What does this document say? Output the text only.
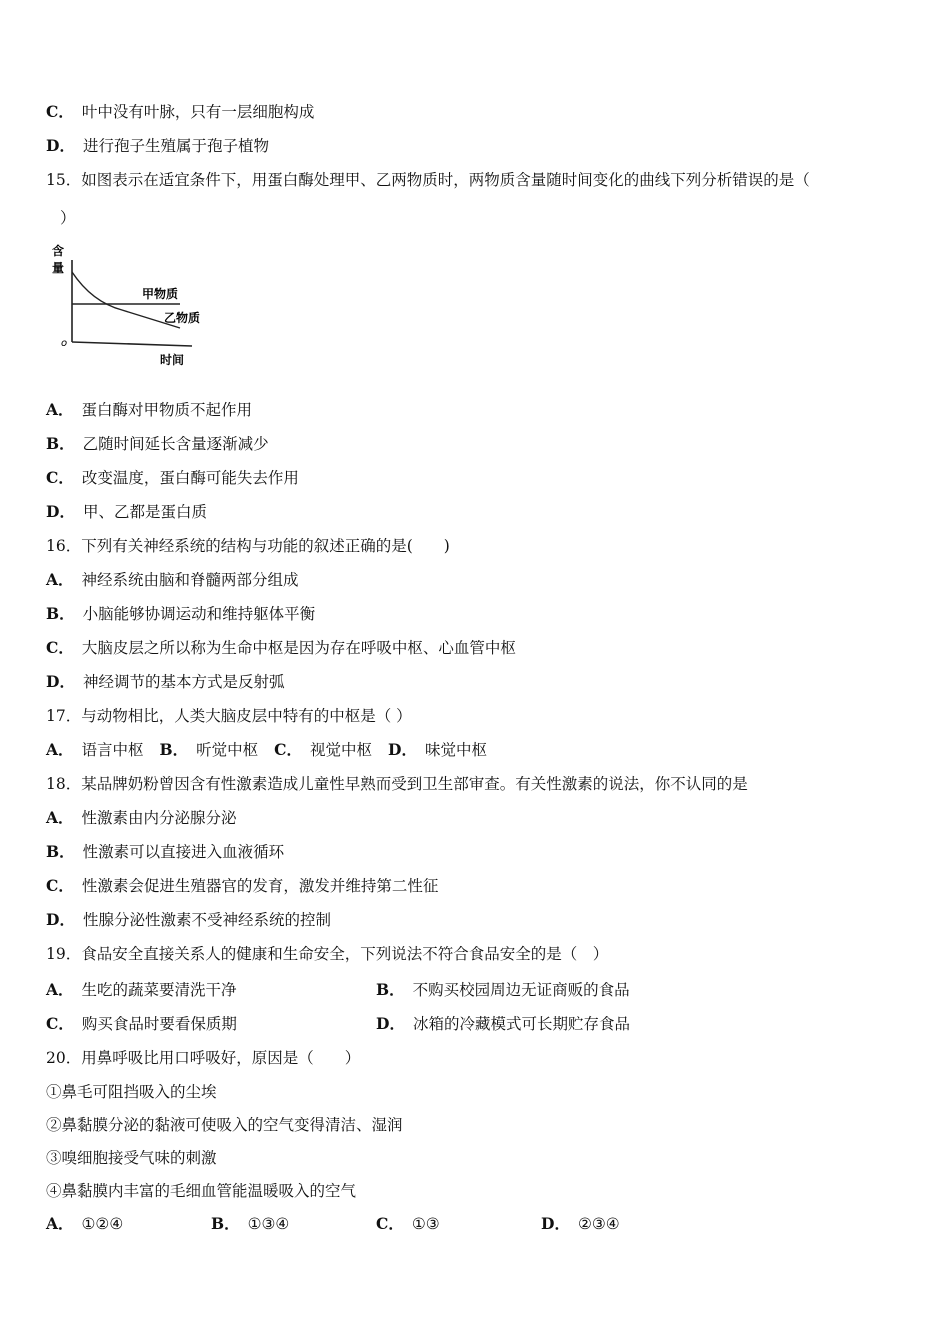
C． 叶中没有叶脉，只有一层细胞构成
D． 进行孢子生殖属于孢子植物
15．如图表示在适宜条件下，用蛋白酶处理甲、乙两物质时，两物质含量随时间变化的曲线下列分析错误的是（
）
含
量
o
时间
甲物质
乙物质
A． 蛋白酶对甲物质不起作用
B． 乙随时间延长含量逐渐减少
C． 改变温度，蛋白酶可能失去作用
D． 甲、乙都是蛋白质
16．下列有关神经系统的结构与功能的叙述正确的是(　　)
A． 神经系统由脑和脊髓两部分组成
B． 小脑能够协调运动和维持躯体平衡
C． 大脑皮层之所以称为生命中枢是因为存在呼吸中枢、心血管中枢
D． 神经调节的基本方式是反射弧
17．与动物相比，人类大脑皮层中特有的中枢是（ ）
A． 语言中枢 B． 听觉中枢 C． 视觉中枢 D． 味觉中枢
18．某品牌奶粉曾因含有性激素造成儿童性早熟而受到卫生部审查。有关性激素的说法，你不认同的是
A． 性激素由内分泌腺分泌
B． 性激素可以直接进入血液循环
C． 性激素会促进生殖器官的发育，激发并维持第二性征
D． 性腺分泌性激素不受神经系统的控制
19．食品安全直接关系人的健康和生命安全，下列说法不符合食品安全的是（　）
A． 生吃的蔬菜要清洗干净	B． 不购买校园周边无证商贩的食品
C． 购买食品时要看保质期	D． 冰箱的冷藏模式可长期贮存食品
20．用鼻呼吸比用口呼吸好，原因是（　　）
①鼻毛可阻挡吸入的尘埃
②鼻黏膜分泌的黏液可使吸入的空气变得清洁、湿润
③嗅细胞接受气味的刺激
④鼻黏膜内丰富的毛细血管能温暖吸入的空气
A． ①②④	B． ①③④	C． ①③	D． ②③④
